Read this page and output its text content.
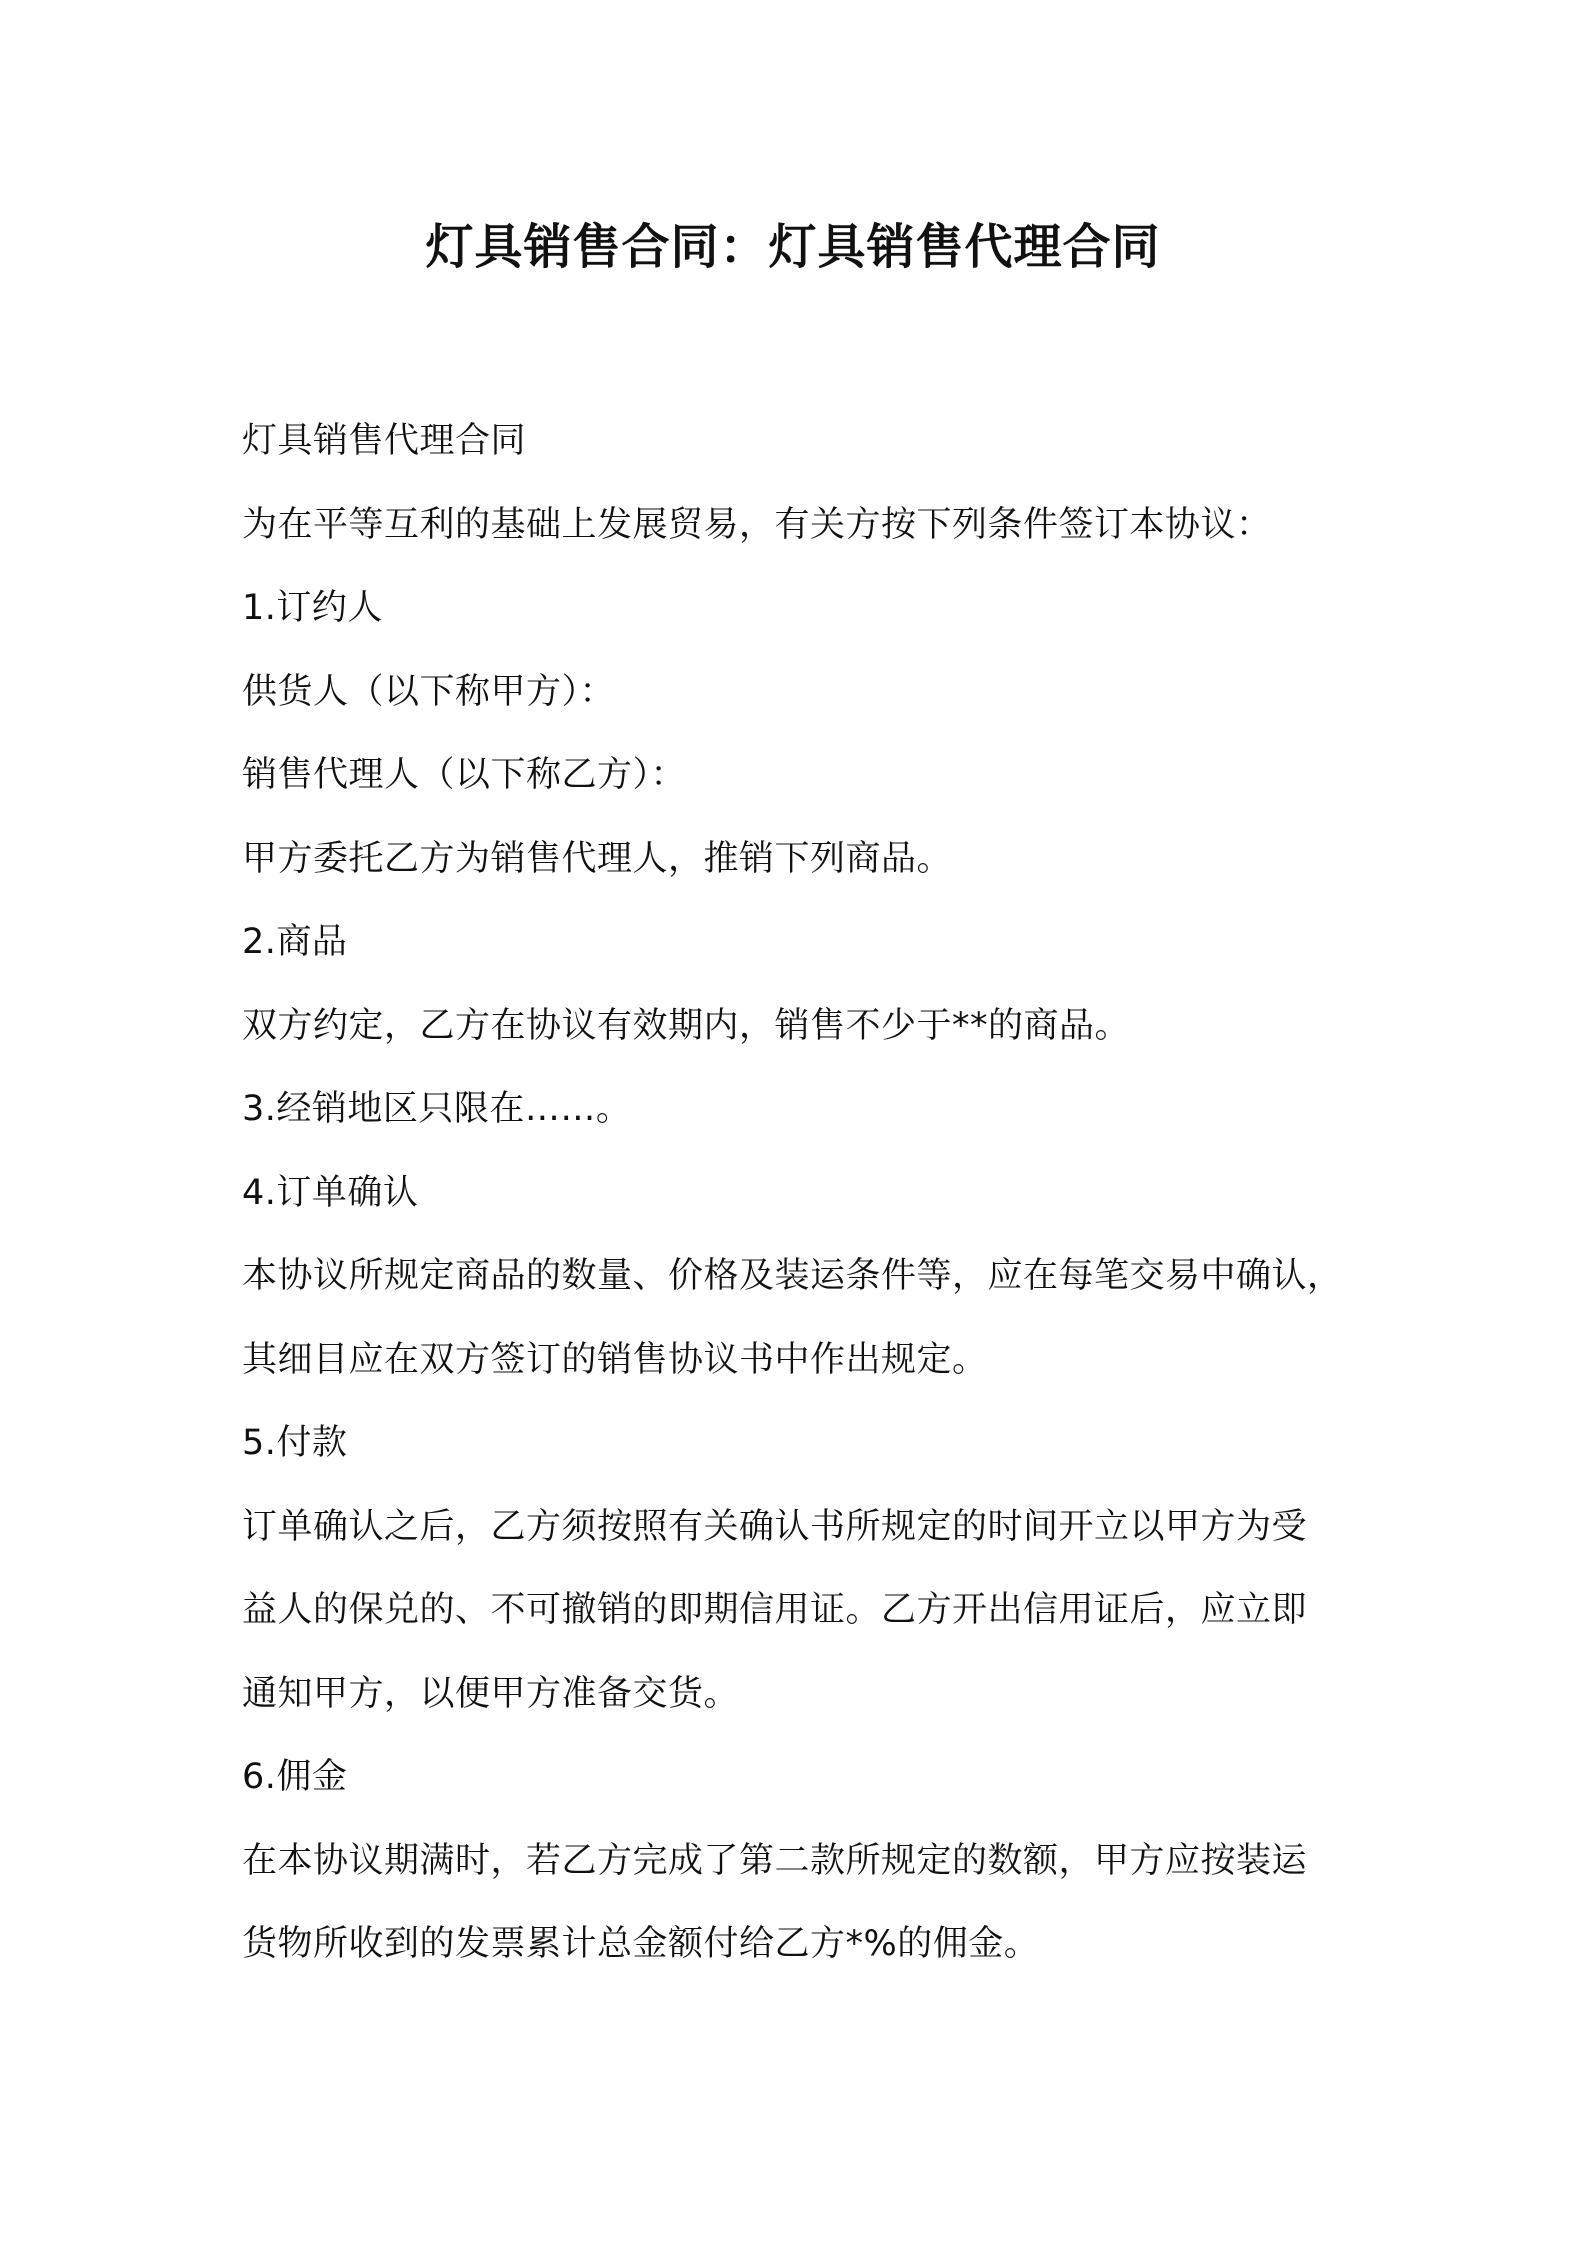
灯具销售合同：灯具销售代理合同
灯具销售代理合同
为在平等互利的基础上发展贸易，有关方按下列条件签订本协议：
1.订约人
供货人（以下称甲方）：
销售代理人（以下称乙方）：
甲方委托乙方为销售代理人，推销下列商品。
2.商品
双方约定，乙方在协议有效期内，销售不少于**的商品。
3.经销地区只限在……。
4.订单确认
本协议所规定商品的数量、价格及装运条件等，应在每笔交易中确认，
其细目应在双方签订的销售协议书中作出规定。
5.付款
订单确认之后，乙方须按照有关确认书所规定的时间开立以甲方为受
益人的保兑的、不可撤销的即期信用证。乙方开出信用证后，应立即
通知甲方，以便甲方准备交货。
6.佣金
在本协议期满时，若乙方完成了第二款所规定的数额，甲方应按装运
货物所收到的发票累计总金额付给乙方*%的佣金。
